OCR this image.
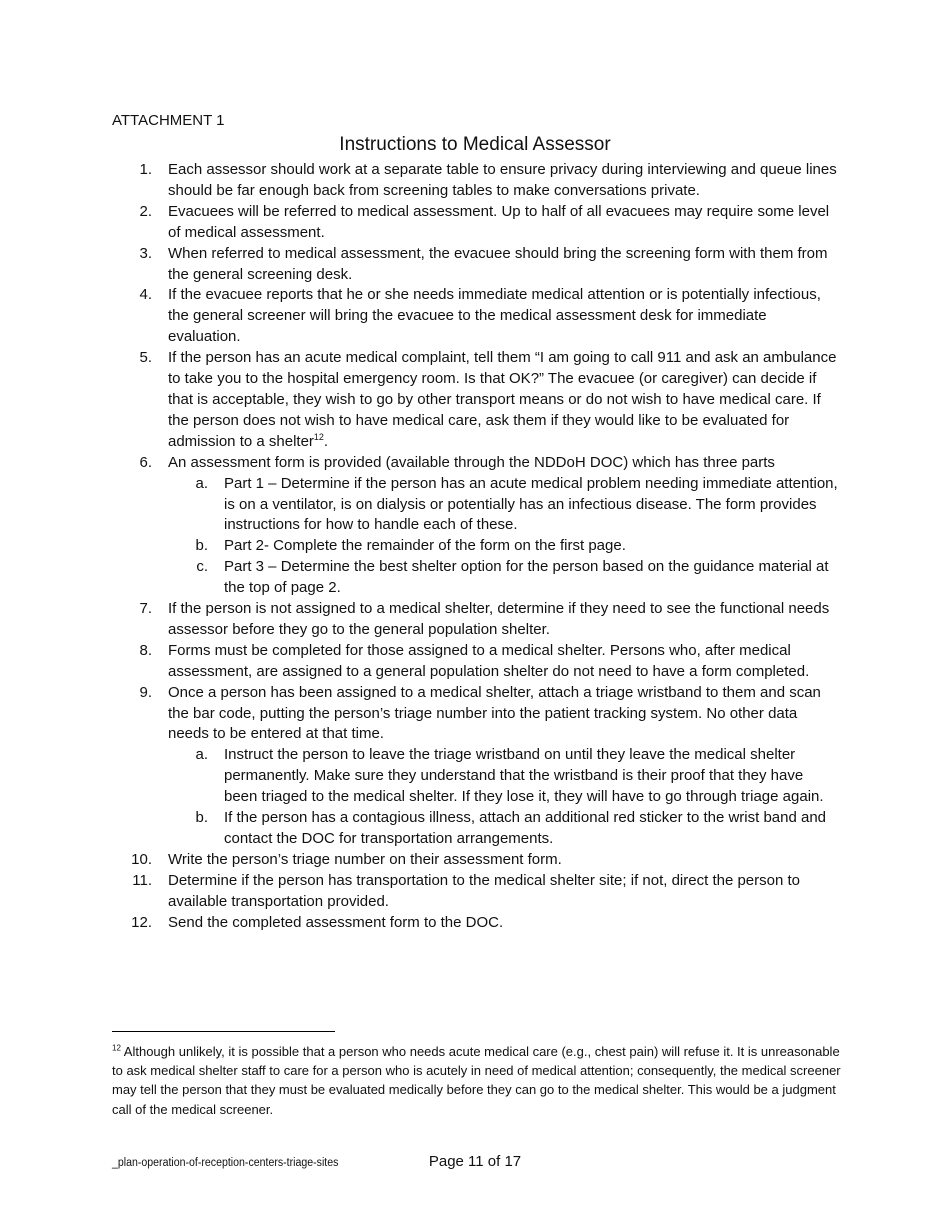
ATTACHMENT 1
Instructions to Medical Assessor
1. Each assessor should work at a separate table to ensure privacy during interviewing and queue lines should be far enough back from screening tables to make conversations private.
2. Evacuees will be referred to medical assessment. Up to half of all evacuees may require some level of medical assessment.
3. When referred to medical assessment, the evacuee should bring the screening form with them from the general screening desk.
4. If the evacuee reports that he or she needs immediate medical attention or is potentially infectious, the general screener will bring the evacuee to the medical assessment desk for immediate evaluation.
5. If the person has an acute medical complaint, tell them “I am going to call 911 and ask an ambulance to take you to the hospital emergency room. Is that OK?” The evacuee (or caregiver) can decide if that is acceptable, they wish to go by other transport means or do not wish to have medical care. If the person does not wish to have medical care, ask them if they would like to be evaluated for admission to a shelter$^{12}$.
6. An assessment form is provided (available through the NDDoH DOC) which has three parts
a. Part 1 – Determine if the person has an acute medical problem needing immediate attention, is on a ventilator, is on dialysis or potentially has an infectious disease. The form provides instructions for how to handle each of these.
b. Part 2- Complete the remainder of the form on the first page.
c. Part 3 – Determine the best shelter option for the person based on the guidance material at the top of page 2.
7. If the person is not assigned to a medical shelter, determine if they need to see the functional needs assessor before they go to the general population shelter.
8. Forms must be completed for those assigned to a medical shelter. Persons who, after medical assessment, are assigned to a general population shelter do not need to have a form completed.
9. Once a person has been assigned to a medical shelter, attach a triage wristband to them and scan the bar code, putting the person’s triage number into the patient tracking system. No other data needs to be entered at that time.
a. Instruct the person to leave the triage wristband on until they leave the medical shelter permanently. Make sure they understand that the wristband is their proof that they have been triaged to the medical shelter. If they lose it, they will have to go through triage again.
b. If the person has a contagious illness, attach an additional red sticker to the wrist band and contact the DOC for transportation arrangements.
10. Write the person’s triage number on their assessment form.
11. Determine if the person has transportation to the medical shelter site; if not, direct the person to available transportation provided.
12. Send the completed assessment form to the DOC.
$^{12}$ Although unlikely, it is possible that a person who needs acute medical care (e.g., chest pain) will refuse it. It is unreasonable to ask medical shelter staff to care for a person who is acutely in need of medical attention; consequently, the medical screener may tell the person that they must be evaluated medically before they can go to the medical shelter. This would be a judgment call of the medical screener.
_plan-operation-of-reception-centers-triage-sites	Page 11 of 17
